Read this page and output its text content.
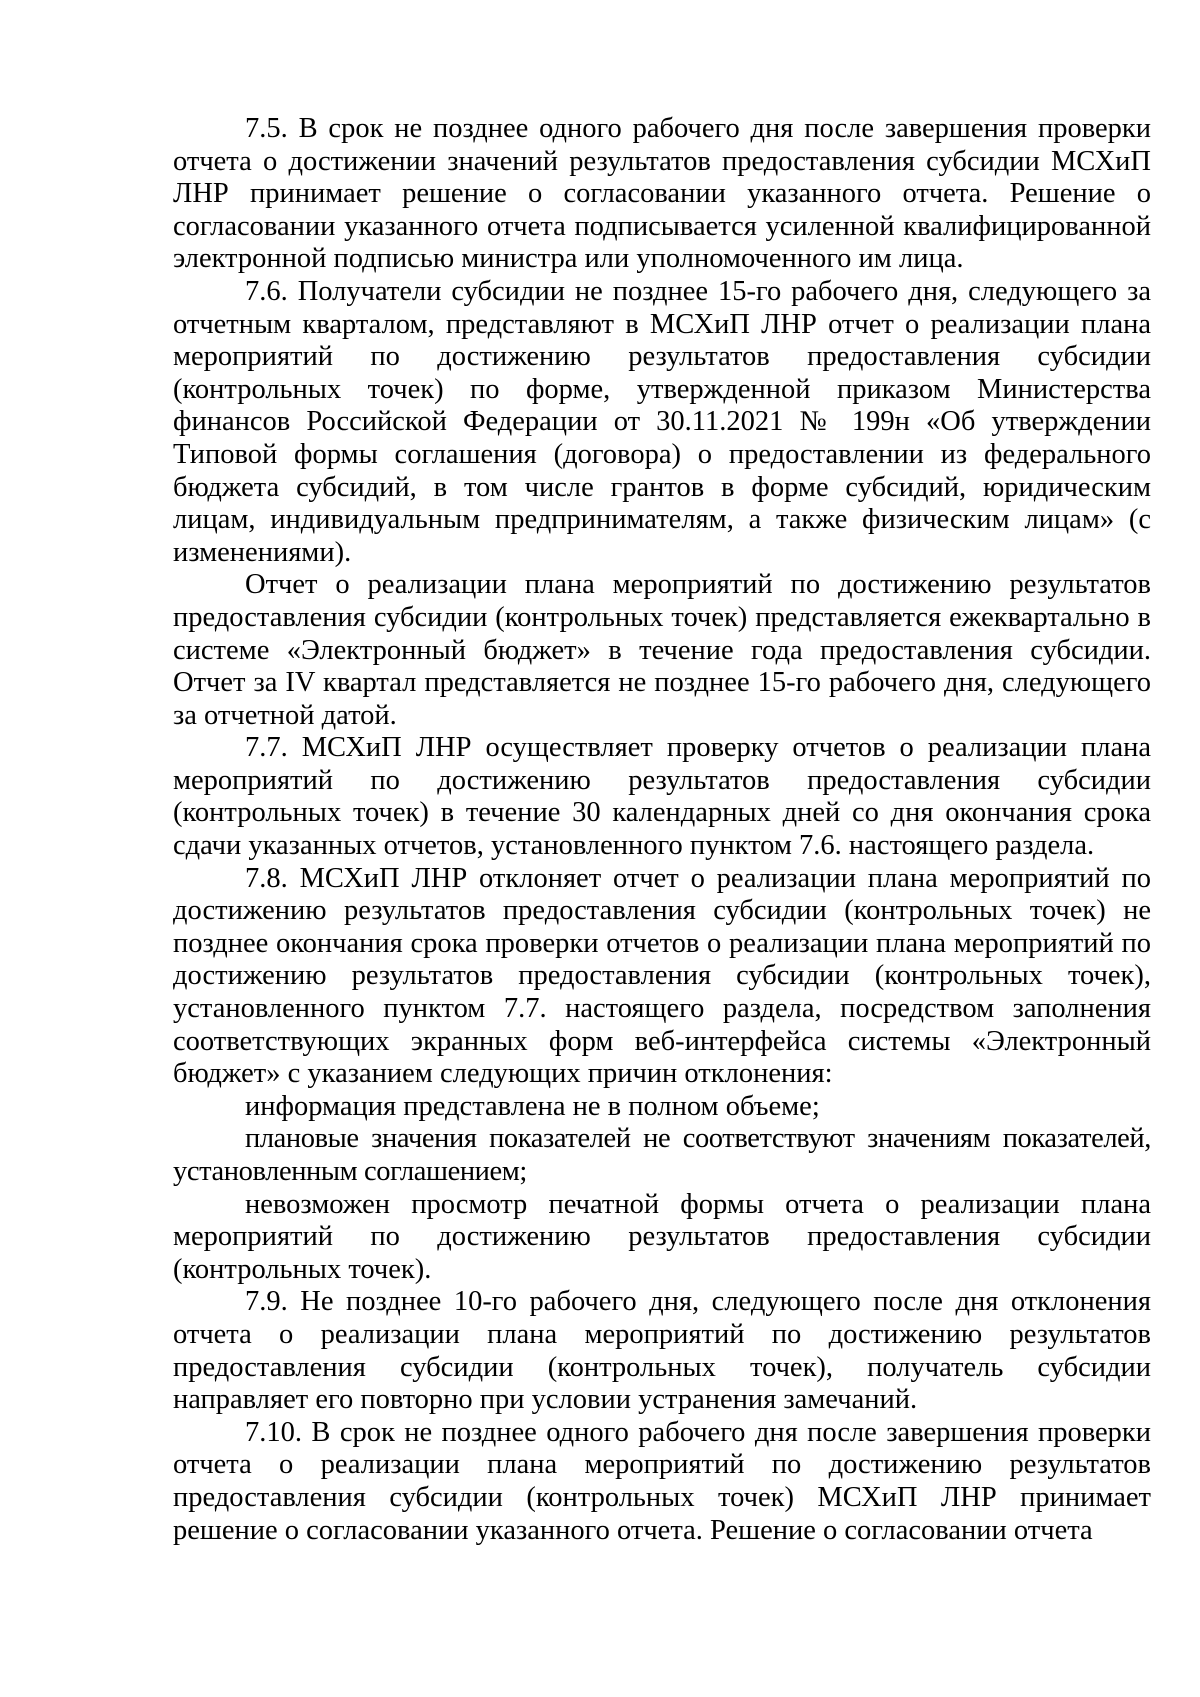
7.5. В срок не позднее одного рабочего дня после завершения проверки отчета о достижении значений результатов предоставления субсидии МСХиП ЛНР принимает решение о согласовании указанного отчета. Решение о согласовании указанного отчета подписывается усиленной квалифицированной электронной подписью министра или уполномоченного им лица.

7.6. Получатели субсидии не позднее 15-го рабочего дня, следующего за отчетным кварталом, представляют в МСХиП ЛНР отчет о реализации плана мероприятий по достижению результатов предоставления субсидии (контрольных точек) по форме, утвержденной приказом Министерства финансов Российской Федерации от 30.11.2021 № 199н «Об утверждении Типовой формы соглашения (договора) о предоставлении из федерального бюджета субсидий, в том числе грантов в форме субсидий, юридическим лицам, индивидуальным предпринимателям, а также физическим лицам» (с изменениями).

Отчет о реализации плана мероприятий по достижению результатов предоставления субсидии (контрольных точек) представляется ежеквартально в системе «Электронный бюджет» в течение года предоставления субсидии. Отчет за IV квартал представляется не позднее 15-го рабочего дня, следующего за отчетной датой.

7.7. МСХиП ЛНР осуществляет проверку отчетов о реализации плана мероприятий по достижению результатов предоставления субсидии (контрольных точек) в течение 30 календарных дней со дня окончания срока сдачи указанных отчетов, установленного пунктом 7.6. настоящего раздела.

7.8. МСХиП ЛНР отклоняет отчет о реализации плана мероприятий по достижению результатов предоставления субсидии (контрольных точек) не позднее окончания срока проверки отчетов о реализации плана мероприятий по достижению результатов предоставления субсидии (контрольных точек), установленного пунктом 7.7. настоящего раздела, посредством заполнения соответствующих экранных форм веб-интерфейса системы «Электронный бюджет» с указанием следующих причин отклонения:

информация представлена не в полном объеме;

плановые значения показателей не соответствуют значениям показателей, установленным соглашением;

невозможен просмотр печатной формы отчета о реализации плана мероприятий по достижению результатов предоставления субсидии (контрольных точек).

7.9. Не позднее 10-го рабочего дня, следующего после дня отклонения отчета о реализации плана мероприятий по достижению результатов предоставления субсидии (контрольных точек), получатель субсидии направляет его повторно при условии устранения замечаний.

7.10. В срок не позднее одного рабочего дня после завершения проверки отчета о реализации плана мероприятий по достижению результатов предоставления субсидии (контрольных точек) МСХиП ЛНР принимает решение о согласовании указанного отчета. Решение о согласовании отчета
